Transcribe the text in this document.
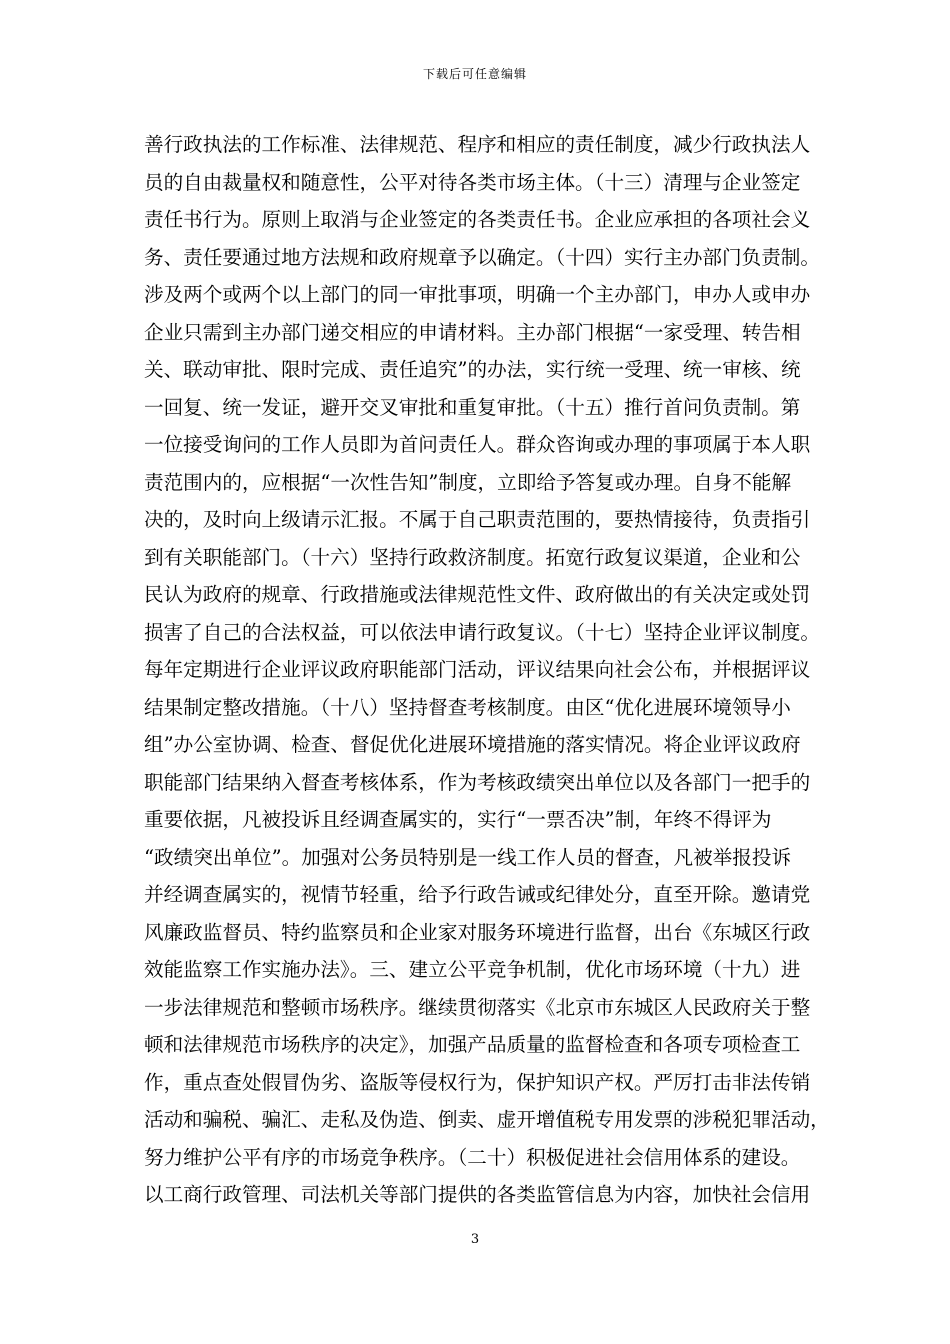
下载后可任意编辑
善行政执法的工作标准、法律规范、程序和相应的责任制度，减少行政执法人
员的自由裁量权和随意性，公平对待各类市场主体。（十三）清理与企业签定
责任书行为。原则上取消与企业签定的各类责任书。企业应承担的各项社会义
务、责任要通过地方法规和政府规章予以确定。（十四）实行主办部门负责制。
涉及两个或两个以上部门的同一审批事项，明确一个主办部门，申办人或申办
企业只需到主办部门递交相应的申请材料。主办部门根据“一家受理、转告相
关、联动审批、限时完成、责任追究”的办法，实行统一受理、统一审核、统
一回复、统一发证，避开交叉审批和重复审批。（十五）推行首问负责制。第
一位接受询问的工作人员即为首问责任人。群众咨询或办理的事项属于本人职
责范围内的，应根据“一次性告知”制度，立即给予答复或办理。自身不能解
决的，及时向上级请示汇报。不属于自己职责范围的，要热情接待，负责指引
到有关职能部门。（十六）坚持行政救济制度。拓宽行政复议渠道，企业和公
民认为政府的规章、行政措施或法律规范性文件、政府做出的有关决定或处罚
损害了自己的合法权益，可以依法申请行政复议。（十七）坚持企业评议制度。
每年定期进行企业评议政府职能部门活动，评议结果向社会公布，并根据评议
结果制定整改措施。（十八）坚持督查考核制度。由区“优化进展环境领导小
组”办公室协调、检查、督促优化进展环境措施的落实情况。将企业评议政府
职能部门结果纳入督查考核体系，作为考核政绩突出单位以及各部门一把手的
重要依据，凡被投诉且经调查属实的，实行“一票否决”制，年终不得评为
“政绩突出单位”。加强对公务员特别是一线工作人员的督查，凡被举报投诉
并经调查属实的，视情节轻重，给予行政告诫或纪律处分，直至开除。邀请党
风廉政监督员、特约监察员和企业家对服务环境进行监督，出台《东城区行政
效能监察工作实施办法》。三、建立公平竞争机制，优化市场环境（十九）进
一步法律规范和整顿市场秩序。继续贯彻落实《北京市东城区人民政府关于整
顿和法律规范市场秩序的决定》，加强产品质量的监督检查和各项专项检查工
作，重点查处假冒伪劣、盗版等侵权行为，保护知识产权。严厉打击非法传销
活动和骗税、骗汇、走私及伪造、倒卖、虚开增值税专用发票的涉税犯罪活动，
努力维护公平有序的市场竞争秩序。（二十）积极促进社会信用体系的建设。
以工商行政管理、司法机关等部门提供的各类监管信息为内容，加快社会信用
3
